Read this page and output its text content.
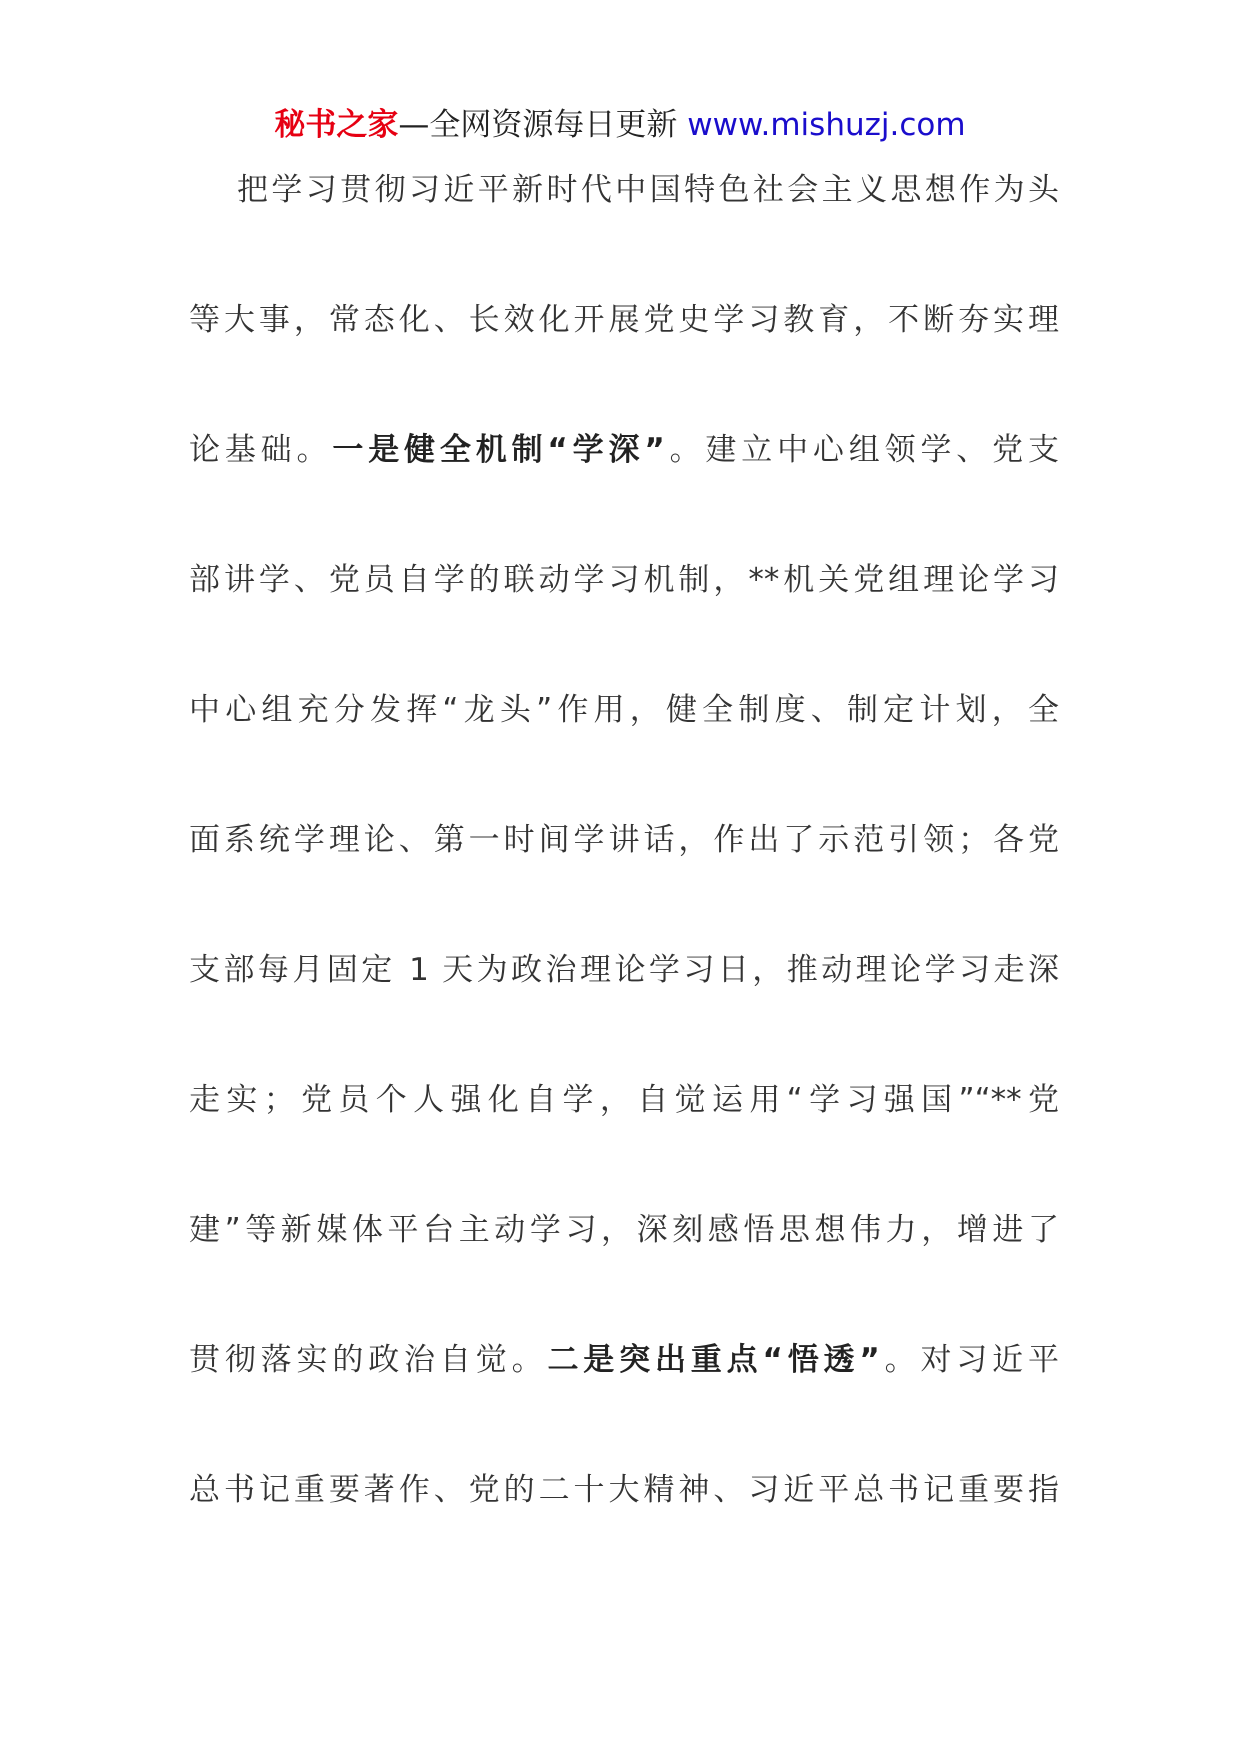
秘书之家—全网资源每日更新 www.mishuzj.com
把学习贯彻习近平新时代中国特色社会主义思想作为头
等大事，常态化、长效化开展党史学习教育，不断夯实理
论基础。一是健全机制“学深”。建立中心组领学、党支
部讲学、党员自学的联动学习机制，**机关党组理论学习
中心组充分发挥“龙头”作用，健全制度、制定计划，全
面系统学理论、第一时间学讲话，作出了示范引领；各党
支部每月固定 1 天为政治理论学习日，推动理论学习走深
走实；党员个人强化自学，自觉运用“学习强国”“**党
建”等新媒体平台主动学习，深刻感悟思想伟力，增进了
贯彻落实的政治自觉。二是突出重点“悟透”。对习近平
总书记重要著作、党的二十大精神、习近平总书记重要指
